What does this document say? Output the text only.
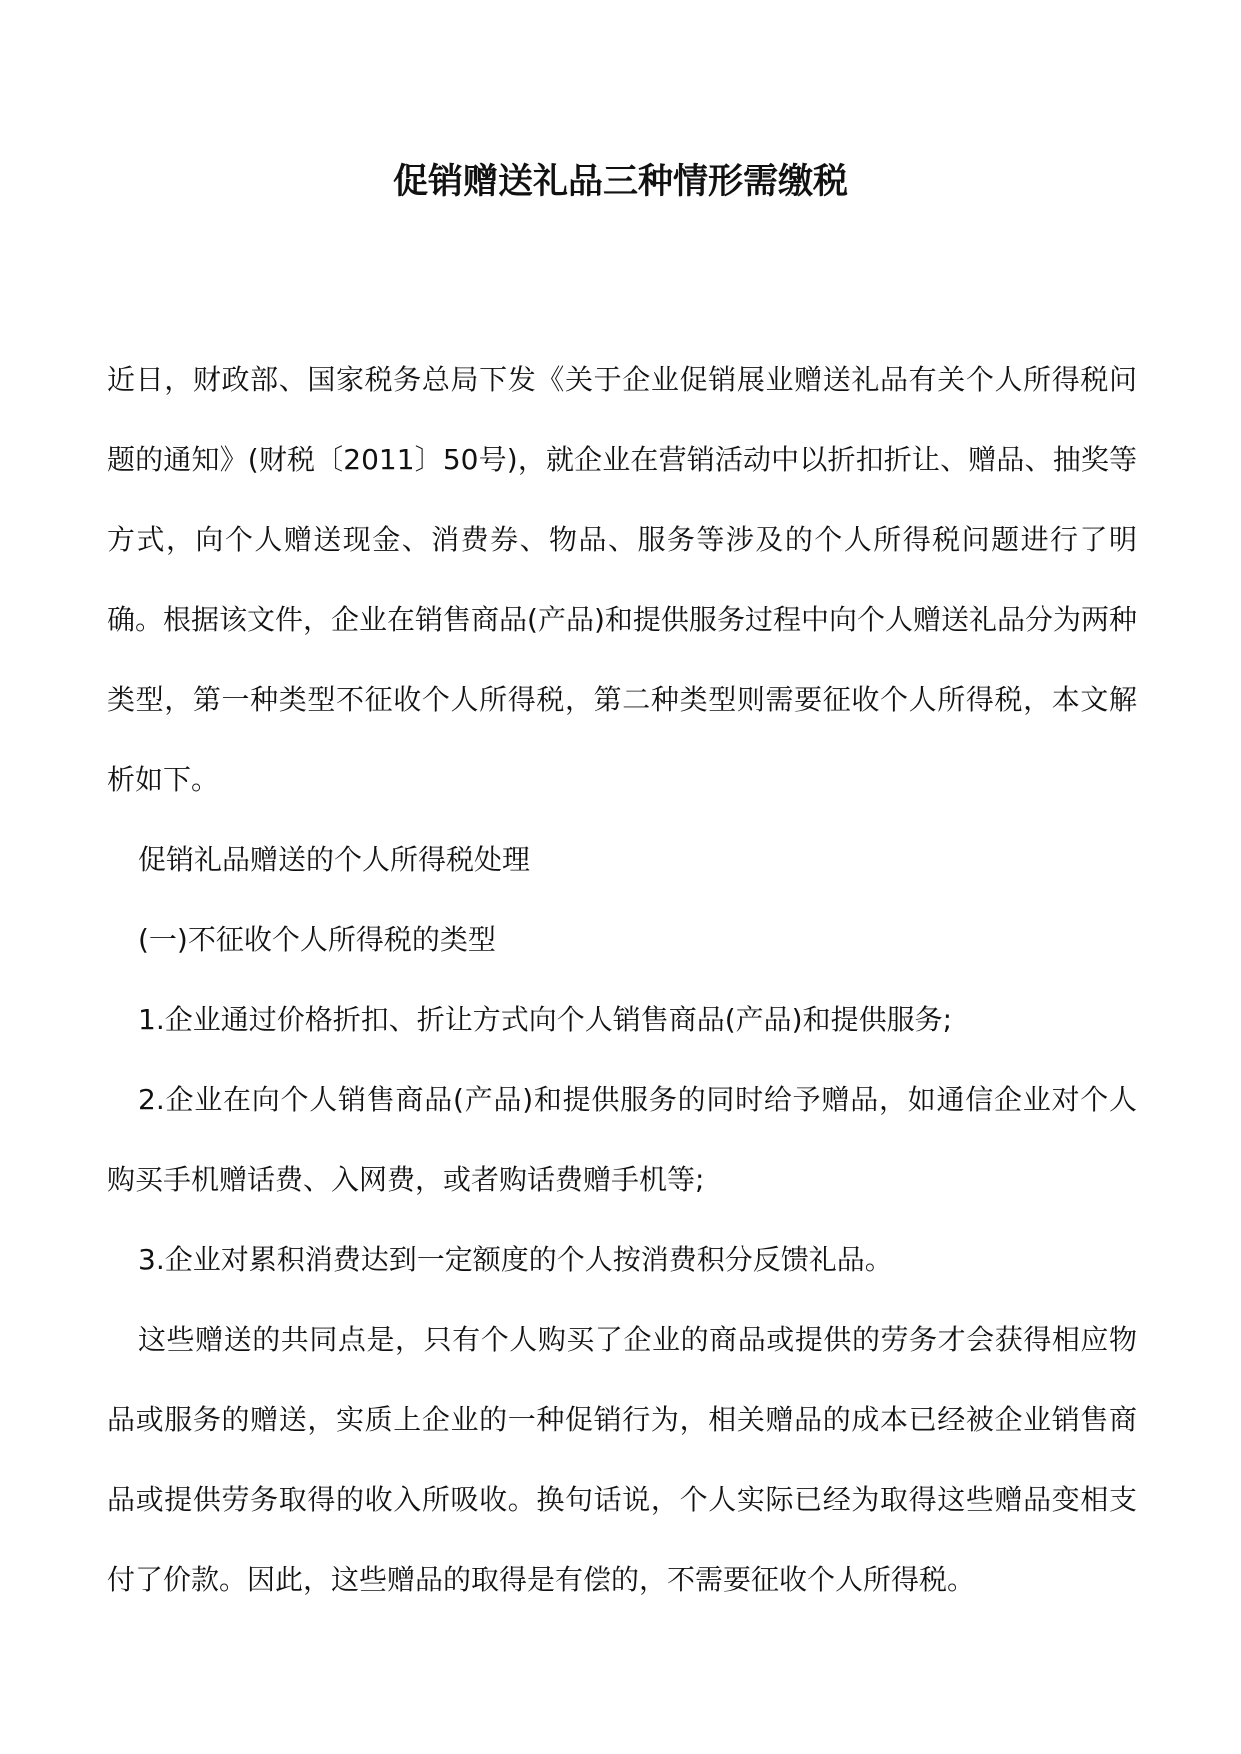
促销赠送礼品三种情形需缴税

近日，财政部、国家税务总局下发《关于企业促销展业赠送礼品有关个人所得税问题的通知》(财税〔2011〕50号)，就企业在营销活动中以折扣折让、赠品、抽奖等方式，向个人赠送现金、消费券、物品、服务等涉及的个人所得税问题进行了明确。根据该文件，企业在销售商品(产品)和提供服务过程中向个人赠送礼品分为两种类型，第一种类型不征收个人所得税，第二种类型则需要征收个人所得税，本文解析如下。

促销礼品赠送的个人所得税处理

(一)不征收个人所得税的类型

1.企业通过价格折扣、折让方式向个人销售商品(产品)和提供服务;

2.企业在向个人销售商品(产品)和提供服务的同时给予赠品，如通信企业对个人购买手机赠话费、入网费，或者购话费赠手机等;

3.企业对累积消费达到一定额度的个人按消费积分反馈礼品。

这些赠送的共同点是，只有个人购买了企业的商品或提供的劳务才会获得相应物品或服务的赠送，实质上企业的一种促销行为，相关赠品的成本已经被企业销售商品或提供劳务取得的收入所吸收。换句话说，个人实际已经为取得这些赠品变相支付了价款。因此，这些赠品的取得是有偿的，不需要征收个人所得税。
